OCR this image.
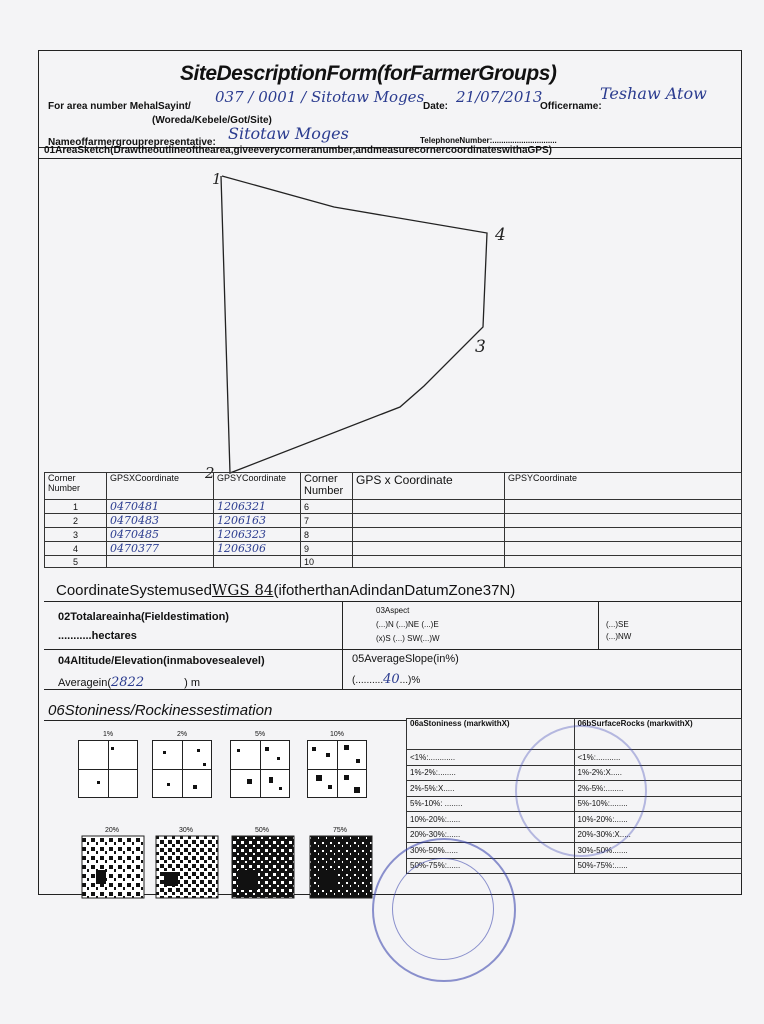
SiteDescriptionForm(forFarmerGroups)
For area number MehalSayint/
037 / 0001 / Sitotaw Moges
Date:
21/07/2013
Officername:
Teshaw Atow
(Woreda/Kebele/Got/Site)
Nameoffarmergrouprepresentative: Sitotaw Moges	TelephoneNumber:.............................
01AreaSketch(Drawtheoutlineofthearea,giveeverycorneranumber,andmeasurecornercoordinateswithaGPS)
1
2
3
4
Corner Number	GPSXCoordinate	GPSYCoordinate	Corner Number	GPS x Coordinate	GPSYCoordinate
1	0470481	1206321	6		
2	0470483	1206163	7		
3	0470485	1206323	8		
4	0470377	1206306	9		
5			10		
CoordinateSystemusedWGS 84(ifotherthanAdindanDatumZone37N)
02Totalareainha(Fieldestimation)
...........hectares
03Aspect
(...)N (...)NE (...)E
(x)S (...) SW(...)W
(...)SE
(...)NW
04Altitude/Elevation(inmabovesealevel)
Averagein(2822	) m
05AverageSlope(in%)
(..........40...)%
06Stoniness/Rockinessestimation
1%	2%	5%	10%
20%	30%	50%	75%
06aStoniness (markwithX)	06bSurfaceRocks (markwithX)
<1%:............	<1%:...........
1%-2%:........	1%-2%:X.....
2%-5%:X.....	2%-5%:........
5%-10%: ........	5%-10%:........
10%-20%:......	10%-20%:......
20%-30%:......	20%-30%:X.....
30%-50%......	30%-50%.......
50%-75%:......	50%-75%:......
